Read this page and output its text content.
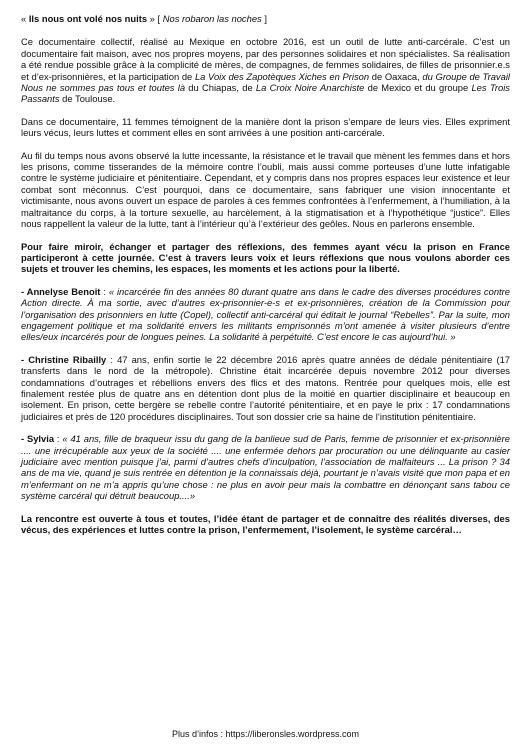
« Ils nous ont volé nos nuits » [ Nos robaron las noches ]
Ce documentaire collectif, réalisé au Mexique en octobre 2016, est un outil de lutte anti-carcérale. C’est un documentaire fait maison, avec nos propres moyens, par des personnes solidaires et non spécialistes. Sa réalisation a été rendue possible grâce à la complicité de mères, de compagnes, de femmes solidaires, de filles de prisonnier.e.s et d’ex-prisonnières, et la participation de La Voix des Zapotèques Xiches en Prison de Oaxaca, du Groupe de Travail Nous ne sommes pas tous et toutes là du Chiapas, de La Croix Noire Anarchiste de Mexico et du groupe Les Trois Passants de Toulouse.
Dans ce documentaire, 11 femmes témoignent de la manière dont la prison s’empare de leurs vies. Elles expriment leurs vécus, leurs luttes et comment elles en sont arrivées à une position anti-carcérale.
Au fil du temps nous avons observé la lutte incessante, la résistance et le travail que mènent les femmes dans et hors les prisons, comme tisserandes de la mémoire contre l’oubli, mais aussi comme porteuses d’une lutte infatigable contre le système judiciaire et pénitentiaire. Cependant, et y compris dans nos propres espaces leur existence et leur combat sont méconnus. C’est pourquoi, dans ce documentaire, sans fabriquer une vision innocentante et victimisante, nous avons ouvert un espace de paroles à ces femmes confrontées à l’enfermement, à l’humiliation, à la maltraitance du corps, à la torture sexuelle, au harcèlement, à la stigmatisation et à l’hypothétique “justice”. Elles nous rappellent la valeur de la lutte, tant à l’intérieur qu’à l’extérieur des geôles. Nous en parlerons ensemble.
Pour faire miroir, échanger et partager des réflexions, des femmes ayant vécu la prison en France participeront à cette journée. C’est à travers leurs voix et leurs réflexions que nous voulons aborder ces sujets et trouver les chemins, les espaces, les moments et les actions pour la liberté.
- Annelyse Benoit : « incarcérée fin des années 80 durant quatre ans dans le cadre des diverses procédures contre Action directe. À ma sortie, avec d’autres ex-prisonnier-e-s et ex-prisonnières, création de la Commission pour l’organisation des prisonniers en lutte (Copel), collectif anti-carcéral qui éditait le journal “Rebelles”. Par la suite, mon engagement politique et ma solidarité envers les militants emprisonnés m’ont amenée à visiter plusieurs d’entre elles/eux incarcérés pour de longues peines. La solidarité à perpétuité. C’est encore le cas aujourd’hui. »
- Christine Ribailly : 47 ans, enfin sortie le 22 décembre 2016 après quatre années de dédale pénitentiaire (17 transferts dans le nord de la métropole). Christine était incarcérée depuis novembre 2012 pour diverses condamnations d’outrages et rébellions envers des flics et des matons. Rentrée pour quelques mois, elle est finalement restée plus de quatre ans en détention dont plus de la moitié en quartier disciplinaire et beaucoup en isolement. En prison, cette bergère se rebelle contre l’autorité pénitentiaire, et en paye le prix : 17 condamnations judiciaires et près de 120 procédures disciplinaires. Tout son dossier crie sa haine de l’institution pénitentiaire.
- Sylvia : « 41 ans, fille de braqueur issu du gang de la banlieue sud de Paris, femme de prisonnier et ex-prisonnière .... une irrécupérable aux yeux de la société .... une enfermée dehors par procuration ou une délinquante au casier judiciaire avec mention puisque j’ai, parmi d’autres chefs d’inculpation, l’association de malfaiteurs ... La prison ? 34 ans de ma vie, quand je suis rentrée en détention je la connaissais déjà, pourtant je n’avais visité que mon papa et en m’enfermant on ne m’a appris qu’une chose : ne plus en avoir peur mais la combattre en dénonçant sans tabou ce système carcéral qui détruit beaucoup....»
La rencontre est ouverte à tous et toutes, l’idée étant de partager et de connaître des réalités diverses, des vécus, des expériences et luttes contre la prison, l’enfermement, l’isolement, le système carcéral…
Plus d’infos : https://liberonsles.wordpress.com
